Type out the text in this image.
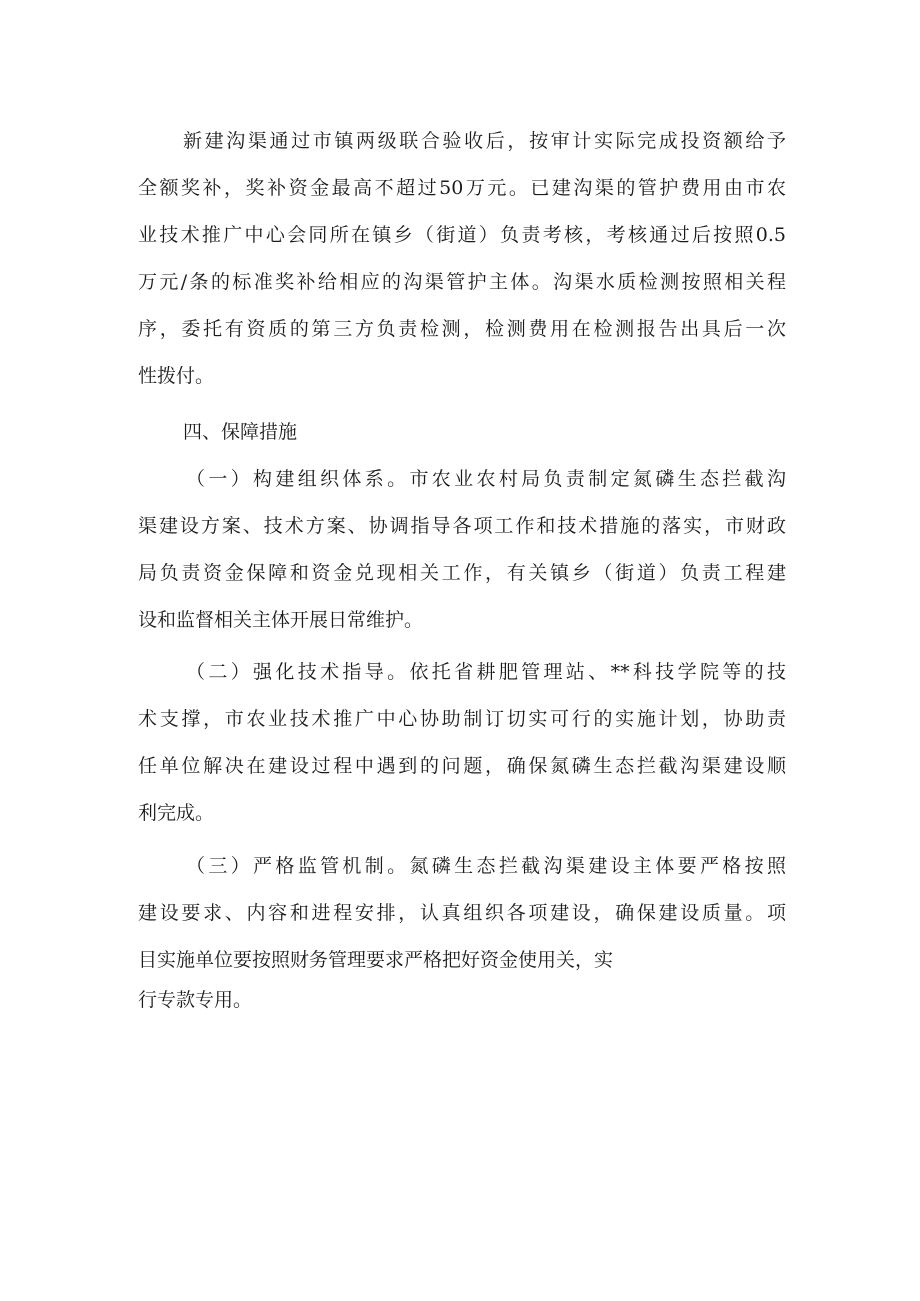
新建沟渠通过市镇两级联合验收后，按审计实际完成投资额给予
全额奖补，奖补资金最高不超过50万元。已建沟渠的管护费用由市农
业技术推广中心会同所在镇乡（街道）负责考核，考核通过后按照0.5
万元/条的标准奖补给相应的沟渠管护主体。沟渠水质检测按照相关程
序，委托有资质的第三方负责检测，检测费用在检测报告出具后一次
性拨付。
四、保障措施
（一）构建组织体系。市农业农村局负责制定氮磷生态拦截沟
渠建设方案、技术方案、协调指导各项工作和技术措施的落实，市财政
局负责资金保障和资金兑现相关工作，有关镇乡（街道）负责工程建
设和监督相关主体开展日常维护。
（二）强化技术指导。依托省耕肥管理站、**科技学院等的技
术支撑，市农业技术推广中心协助制订切实可行的实施计划，协助责
任单位解决在建设过程中遇到的问题，确保氮磷生态拦截沟渠建设顺
利完成。
（三）严格监管机制。氮磷生态拦截沟渠建设主体要严格按照
建设要求、内容和进程安排，认真组织各项建设，确保建设质量。项
目实施单位要按照财务管理要求严格把好资金使用关，实
行专款专用。
